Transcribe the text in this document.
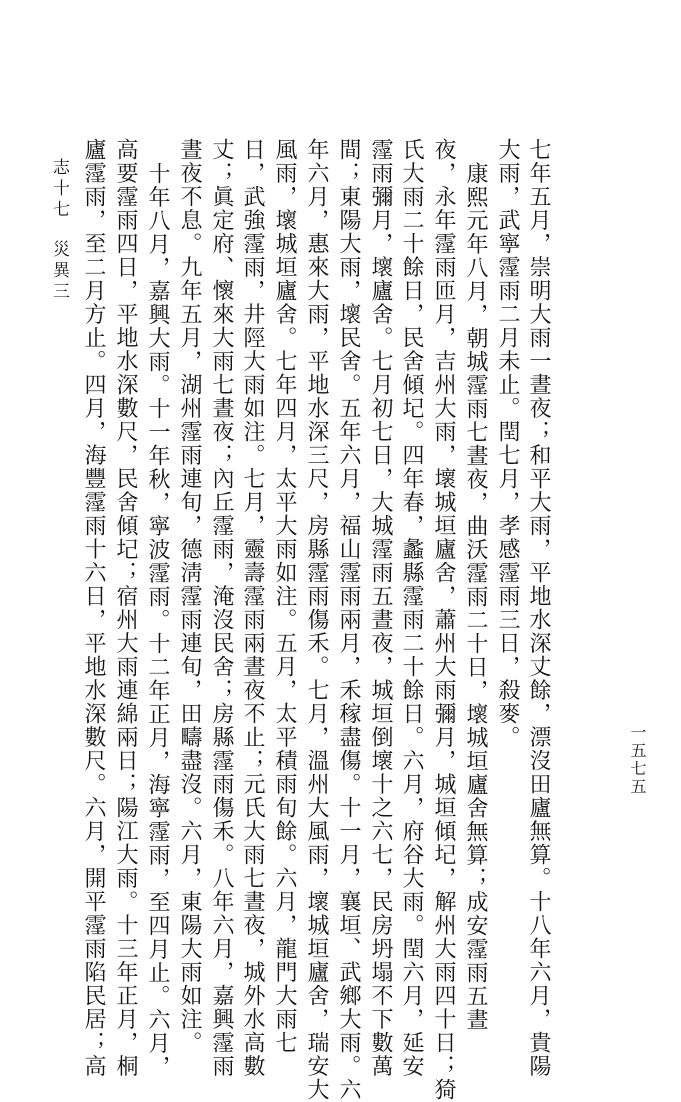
一五七五
七年五月，崇明大雨一晝夜；和平大雨，平地水深丈餘，漂沒田廬無算。十八年六月，貴陽
大雨，武寧霪雨二月未止。閏七月，孝感霪雨三日，殺麥。
康熙元年八月，朝城霪雨七晝夜，曲沃霪雨二十日，壞城垣廬舍無算；成安霪雨五晝
夜，永年霪雨匝月，吉州大雨，壞城垣廬舍，蕭州大雨彌月，城垣傾圮，解州大雨四十日；猗
氏大雨二十餘日，民舍傾圮。四年春，蠡縣霪雨二十餘日。六月，府谷大雨。閏六月，延安
霪雨彌月，壞廬舍。七月初七日，大城霪雨五晝夜，城垣倒壞十之六七，民房坍塌不下數萬
間；東陽大雨，壞民舍。五年六月，福山霪雨兩月，禾稼盡傷。十一月，襄垣、武鄉大雨。六
年六月，惠來大雨，平地水深三尺，房縣霪雨傷禾。七月，溫州大風雨，壞城垣廬舍，瑞安大
風雨，壞城垣廬舍。七年四月，太平大雨如注。五月，太平積雨旬餘。六月，龍門大雨七
日，武強霪雨，井陘大雨如注。七月，靈壽霪雨兩晝夜不止；元氏大雨七晝夜，城外水高數
丈；眞定府、懷來大雨七晝夜；內丘霪雨，淹沒民舍；房縣霪雨傷禾。八年六月，嘉興霪雨
晝夜不息。九年五月，湖州霪雨連旬，德淸霪雨連旬，田疇盡沒。六月，東陽大雨如注。
十年八月，嘉興大雨。十一年秋，寧波霪雨。十二年正月，海寧霪雨，至四月止。六月，
高要霪雨四日，平地水深數尺，民舍傾圮；宿州大雨連綿兩日；陽江大雨。十三年正月，桐
廬霪雨，至二月方止。四月，海豐霪雨十六日，平地水深數尺。六月，開平霪雨陷民居；高
志十七
災異三
